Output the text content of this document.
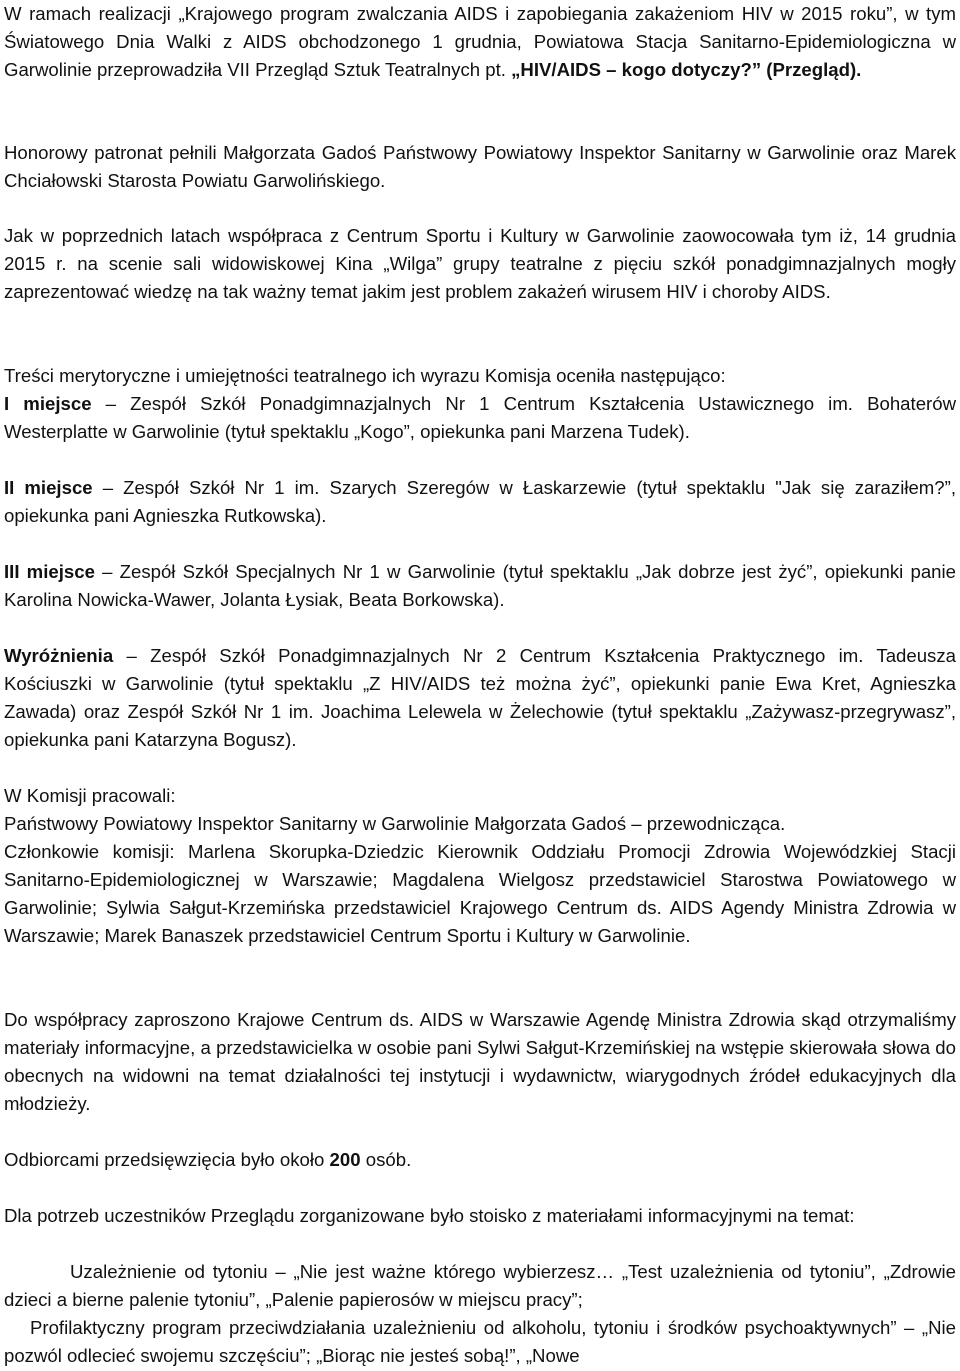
W ramach realizacji „Krajowego program zwalczania AIDS i zapobiegania zakażeniom HIV w 2015 roku”, w tym Światowego Dnia Walki z AIDS obchodzonego 1 grudnia, Powiatowa Stacja Sanitarno-Epidemiologiczna w Garwolinie przeprowadziła VII Przegląd Sztuk Teatralnych pt. „HIV/AIDS – kogo dotyczy?” (Przegląd).

Honorowy patronat pełnili Małgorzata Gadoś Państwowy Powiatowy Inspektor Sanitarny w Garwolinie oraz Marek Chciałowski Starosta Powiatu Garwolińskiego.

Jak w poprzednich latach współpraca z Centrum Sportu i Kultury w Garwolinie zaowocowała tym iż, 14 grudnia 2015 r. na scenie sali widowiskowej Kina „Wilga” grupy teatralne z pięciu szkół ponadgimnazjalnych mogły zaprezentować wiedzę na tak ważny temat jakim jest problem zakażeń wirusem HIV i choroby AIDS.

Treści merytoryczne i umiejętności teatralnego ich wyrazu Komisja oceniła następująco:
I miejsce – Zespół Szkół Ponadgimnazjalnych Nr 1 Centrum Kształcenia Ustawicznego im. Bohaterów Westerplatte w Garwolinie (tytuł spektaklu „Kogo”, opiekunka pani Marzena Tudek).

II miejsce – Zespół Szkół Nr 1 im. Szarych Szeregów w Łaskarzewie (tytuł spektaklu "Jak się zaraziłem?”, opiekunka pani Agnieszka Rutkowska).

III miejsce – Zespół Szkół Specjalnych Nr 1 w Garwolinie (tytuł spektaklu „Jak dobrze jest żyć”, opiekunki panie Karolina Nowicka-Wawer, Jolanta Łysiak, Beata Borkowska).

Wyróżnienia – Zespół Szkół Ponadgimnazjalnych Nr 2 Centrum Kształcenia Praktycznego im. Tadeusza Kościuszki w Garwolinie (tytuł spektaklu „Z HIV/AIDS też można żyć”, opiekunki panie Ewa Kret, Agnieszka Zawada) oraz Zespół Szkół Nr 1 im. Joachima Lelewela w Żelechowie (tytuł spektaklu „Zażywasz-przegrywasz”, opiekunka pani Katarzyna Bogusz).

W Komisji pracowali:
Państwowy Powiatowy Inspektor Sanitarny w Garwolinie Małgorzata Gadoś – przewodnicząca.

Członkowie komisji: Marlena Skorupka-Dziedzic Kierownik Oddziału Promocji Zdrowia Wojewódzkiej Stacji Sanitarno-Epidemiologicznej w Warszawie; Magdalena Wielgosz przedstawiciel Starostwa Powiatowego w Garwolinie; Sylwia Sałgut-Krzemińska przedstawiciel Krajowego Centrum ds. AIDS Agendy Ministra Zdrowia w Warszawie; Marek Banaszek przedstawiciel Centrum Sportu i Kultury w Garwolinie.

Do współpracy zaproszono Krajowe Centrum ds. AIDS w Warszawie Agendę Ministra Zdrowia skąd otrzymaliśmy materiały informacyjne, a przedstawicielka w osobie pani Sylwi Sałgut-Krzemińskiej na wstępie skierowała słowa do obecnych na widowni na temat działalności tej instytucji i wydawnictw, wiarygodnych źródeł edukacyjnych dla młodzieży.

Odbiorcami przedsięwzięcia było około 200 osób.

Dla potrzeb uczestników Przeglądu zorganizowane było stoisko z materiałami informacyjnymi na temat:

Uzależnienie od tytoniu – „Nie jest ważne którego wybierzesz… „Test uzależnienia od tytoniu”, „Zdrowie dzieci a bierne palenie tytoniu”, „Palenie papierosów w miejscu pracy”;

Profilaktyczny program przeciwdziałania uzależnieniu od alkoholu, tytoniu i środków psychoaktywnych” – „Nie pozwól odlecieć swojemu szczęściu”; „Biorąc nie jesteś sobą!”, „Nowe
